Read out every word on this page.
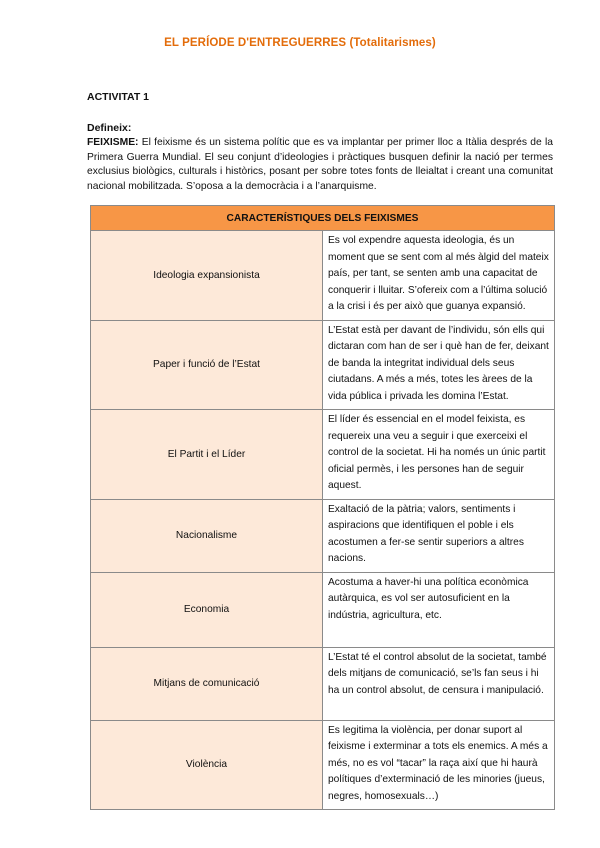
EL PERÍODE D'ENTREGUERRES (Totalitarismes)
ACTIVITAT 1
Defineix:
FEIXISME: El feixisme és un sistema polític que es va implantar per primer lloc a Itàlia després de la Primera Guerra Mundial. El seu conjunt d’ideologies i pràctiques busquen definir la nació per termes exclusius biològics, culturals i històrics, posant per sobre totes fonts de lleialtat i creant una comunitat nacional mobilitzada. S’oposa a la democràcia i a l’anarquisme.
CARACTERÍSTIQUES DELS FEIXISMES	
Ideologia expansionista	Es vol expendre aquesta ideologia, és un moment que se sent com al més àlgid del mateix país, per tant, se senten amb una capacitat de conquerir i lluitar. S’ofereix com a l’última solució a la crisi i és per això que guanya expansió.
Paper i funció de l’Estat	L’Estat està per davant de l’individu, són ells qui dictaran com han de ser i què han de fer, deixant de banda la integritat individual dels seus ciutadans. A més a més, totes les àrees de la vida pública i privada les domina l’Estat.
El Partit i el Líder	El líder és essencial en el model feixista, es requereix una veu a seguir i que exerceixi el control de la societat. Hi ha només un únic partit oficial permès, i les persones han de seguir aquest.
Nacionalisme	Exaltació de la pàtria; valors, sentiments i aspiracions que identifiquen el poble i els acostumen a fer-se sentir superiors a altres nacions.
Economia	Acostuma a haver-hi una política econòmica autàrquica, es vol ser autosuficient en la indústria, agricultura, etc.
Mitjans de comunicació	L’Estat té el control absolut de la societat, també dels mitjans de comunicació, se’ls fan seus i hi ha un control absolut, de censura i manipulació.
Violència	Es legitima la violència, per donar suport al feixisme i exterminar a tots els enemics. A més a més, no es vol “tacar” la raça així que hi haurà polítiques d’exterminació de les minories (jueus, negres, homosexuals…)
